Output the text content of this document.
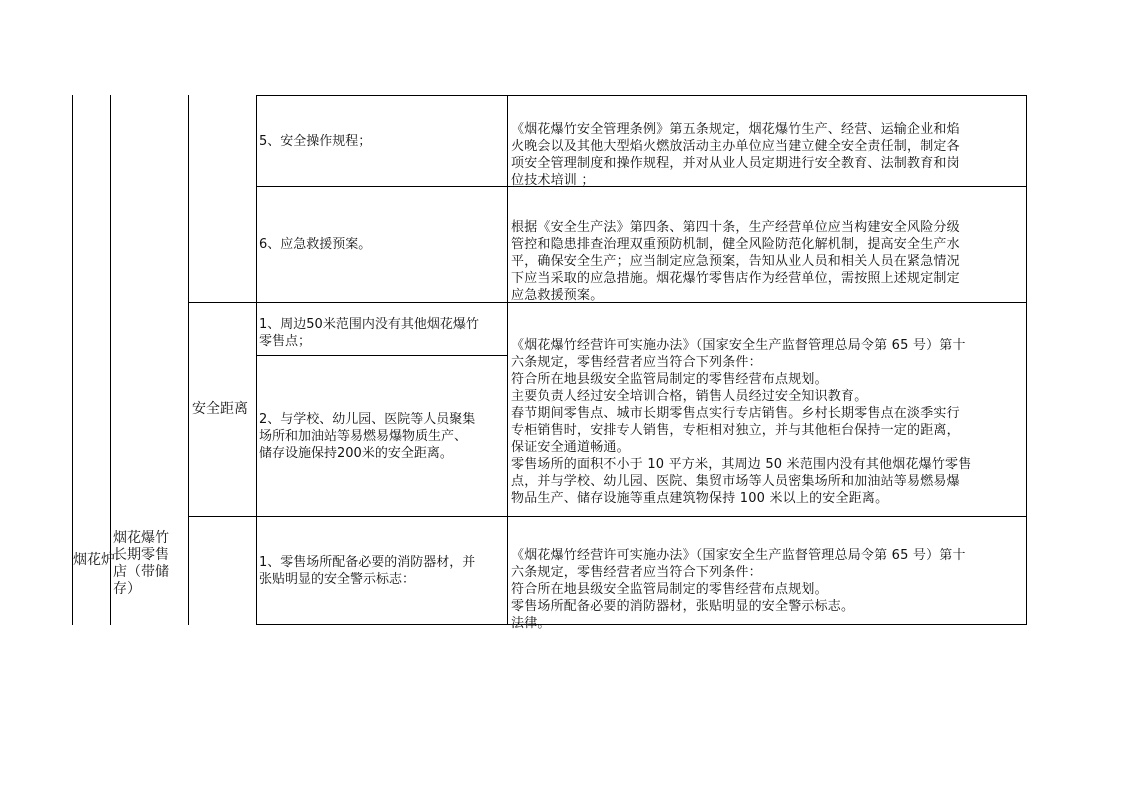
烟花炉
烟花爆竹
长期零售
店（带储
存）
安全距离
5、安全操作规程；

《烟花爆竹安全管理条例》第五条规定，烟花爆竹生产、经营、运输企业和焰
火晚会以及其他大型焰火燃放活动主办单位应当建立健全安全责任制，制定各
项安全管理制度和操作规程，并对从业人员定期进行安全教育、法制教育和岗
位技术培训 ；

6、应急救援预案。

根据《安全生产法》第四条、第四十条，生产经营单位应当构建安全风险分级
管控和隐患排查治理双重预防机制，健全风险防范化解机制，提高安全生产水
平，确保安全生产；应当制定应急预案，告知从业人员和相关人员在紧急情况
下应当采取的应急措施。烟花爆竹零售店作为经营单位，需按照上述规定制定
应急救援预案。

1、周边50米范围内没有其他烟花爆竹
零售点；
2、与学校、幼儿园、医院等人员聚集
场所和加油站等易燃易爆物质生产、
储存设施保持200米的安全距离。

《烟花爆竹经营许可实施办法》（国家安全生产监督管理总局令第 65 号）第十
六条规定，零售经营者应当符合下列条件：
符合所在地县级安全监管局制定的零售经营布点规划。
主要负责人经过安全培训合格，销售人员经过安全知识教育。
春节期间零售点、城市长期零售点实行专店销售。乡村长期零售点在淡季实行
专柜销售时，安排专人销售，专柜相对独立，并与其他柜台保持一定的距离，
保证安全通道畅通。
零售场所的面积不小于 10 平方米，其周边 50 米范围内没有其他烟花爆竹零售
点，并与学校、幼儿园、医院、集贸市场等人员密集场所和加油站等易燃易爆
物品生产、储存设施等重点建筑物保持 100 米以上的安全距离。

1、零售场所配备必要的消防器材，并
张贴明显的安全警示标志：

《烟花爆竹经营许可实施办法》（国家安全生产监督管理总局令第 65 号）第十
六条规定，零售经营者应当符合下列条件：
符合所在地县级安全监管局制定的零售经营布点规划。
零售场所配备必要的消防器材，张贴明显的安全警示标志。
法律。
